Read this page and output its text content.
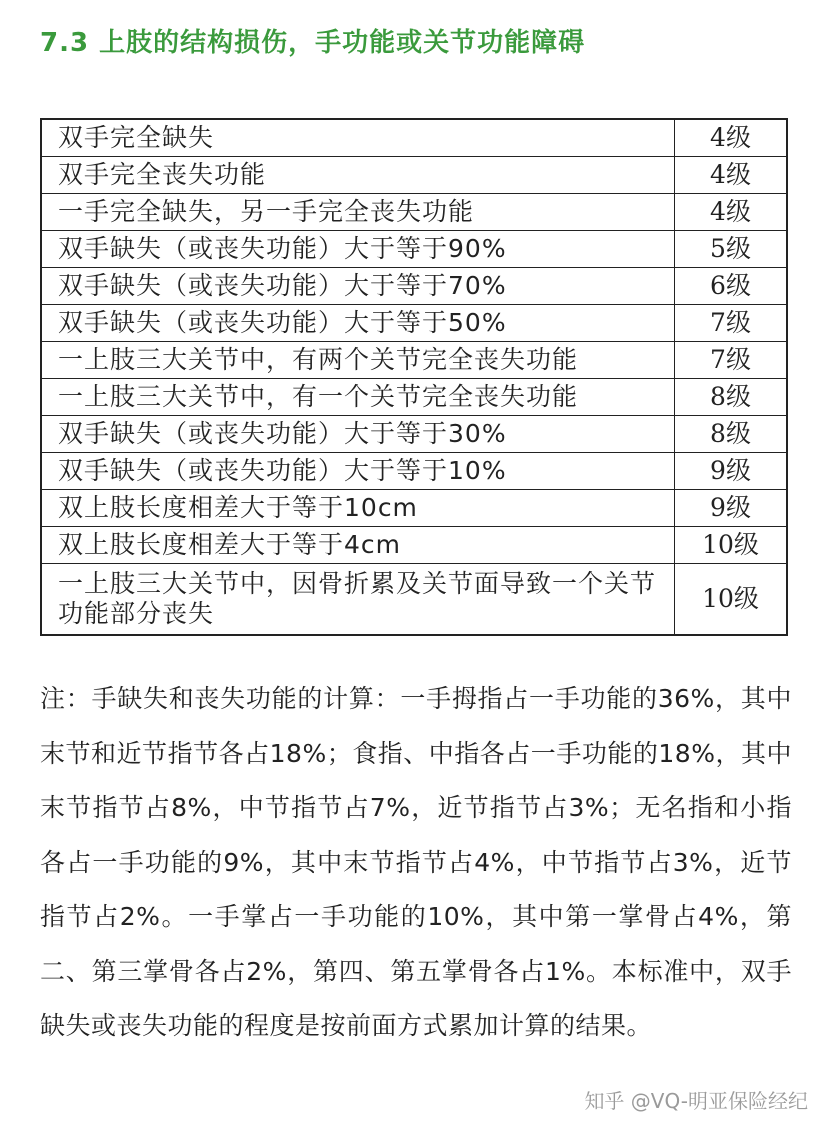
7.3 上肢的结构损伤，手功能或关节功能障碍
双手完全缺失	4级
双手完全丧失功能	4级
一手完全缺失，另一手完全丧失功能	4级
双手缺失（或丧失功能）大于等于90%	5级
双手缺失（或丧失功能）大于等于70%	6级
双手缺失（或丧失功能）大于等于50%	7级
一上肢三大关节中，有两个关节完全丧失功能	7级
一上肢三大关节中，有一个关节完全丧失功能	8级
双手缺失（或丧失功能）大于等于30%	8级
双手缺失（或丧失功能）大于等于10%	9级
双上肢长度相差大于等于10cm	9级
双上肢长度相差大于等于4cm	10级
一上肢三大关节中，因骨折累及关节面导致一个关节功能部分丧失	10级
注：手缺失和丧失功能的计算：一手拇指占一手功能的36%，其中末节和近节指节各占18%；食指、中指各占一手功能的18%，其中末节指节占8%，中节指节占7%，近节指节占3%；无名指和小指各占一手功能的9%，其中末节指节占4%，中节指节占3%，近节指节占2%。一手掌占一手功能的10%，其中第一掌骨占4%，第二、第三掌骨各占2%，第四、第五掌骨各占1%。本标准中，双手缺失或丧失功能的程度是按前面方式累加计算的结果。
知乎 @VQ-明亚保险经纪
